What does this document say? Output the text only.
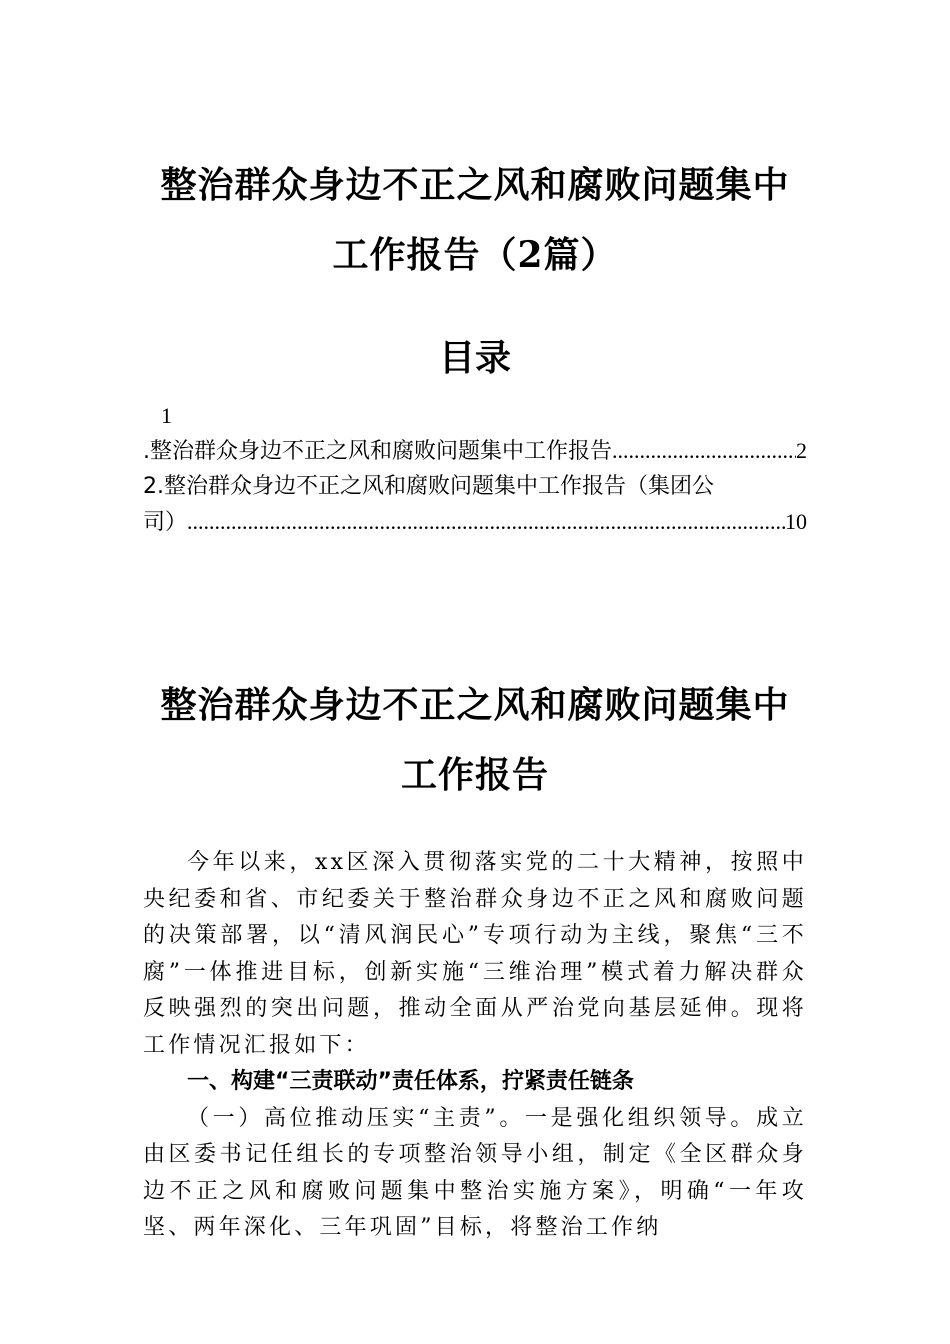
整治群众身边不正之风和腐败问题集中工作报告（2篇）
目录
1
.整治群众身边不正之风和腐败问题集中工作报告 .....	2
2.整治群众身边不正之风和腐败问题集中工作报告（集团公
司） .....	10
整治群众身边不正之风和腐败问题集中工作报告

今年以来，xx区深入贯彻落实党的二十大精神，按照中央纪委和省、市纪委关于整治群众身边不正之风和腐败问题的决策部署，以“清风润民心”专项行动为主线，聚焦“三不腐”一体推进目标，创新实施“三维治理”模式着力解决群众反映强烈的突出问题，推动全面从严治党向基层延伸。现将工作情况汇报如下：

一、构建“三责联动”责任体系，拧紧责任链条

（一）高位推动压实“主责”。一是强化组织领导。成立由区委书记任组长的专项整治领导小组，制定《全区群众身边不正之风和腐败问题集中整治实施方案》，明确“一年攻坚、两年深化、三年巩固”目标，将整治工作纳
